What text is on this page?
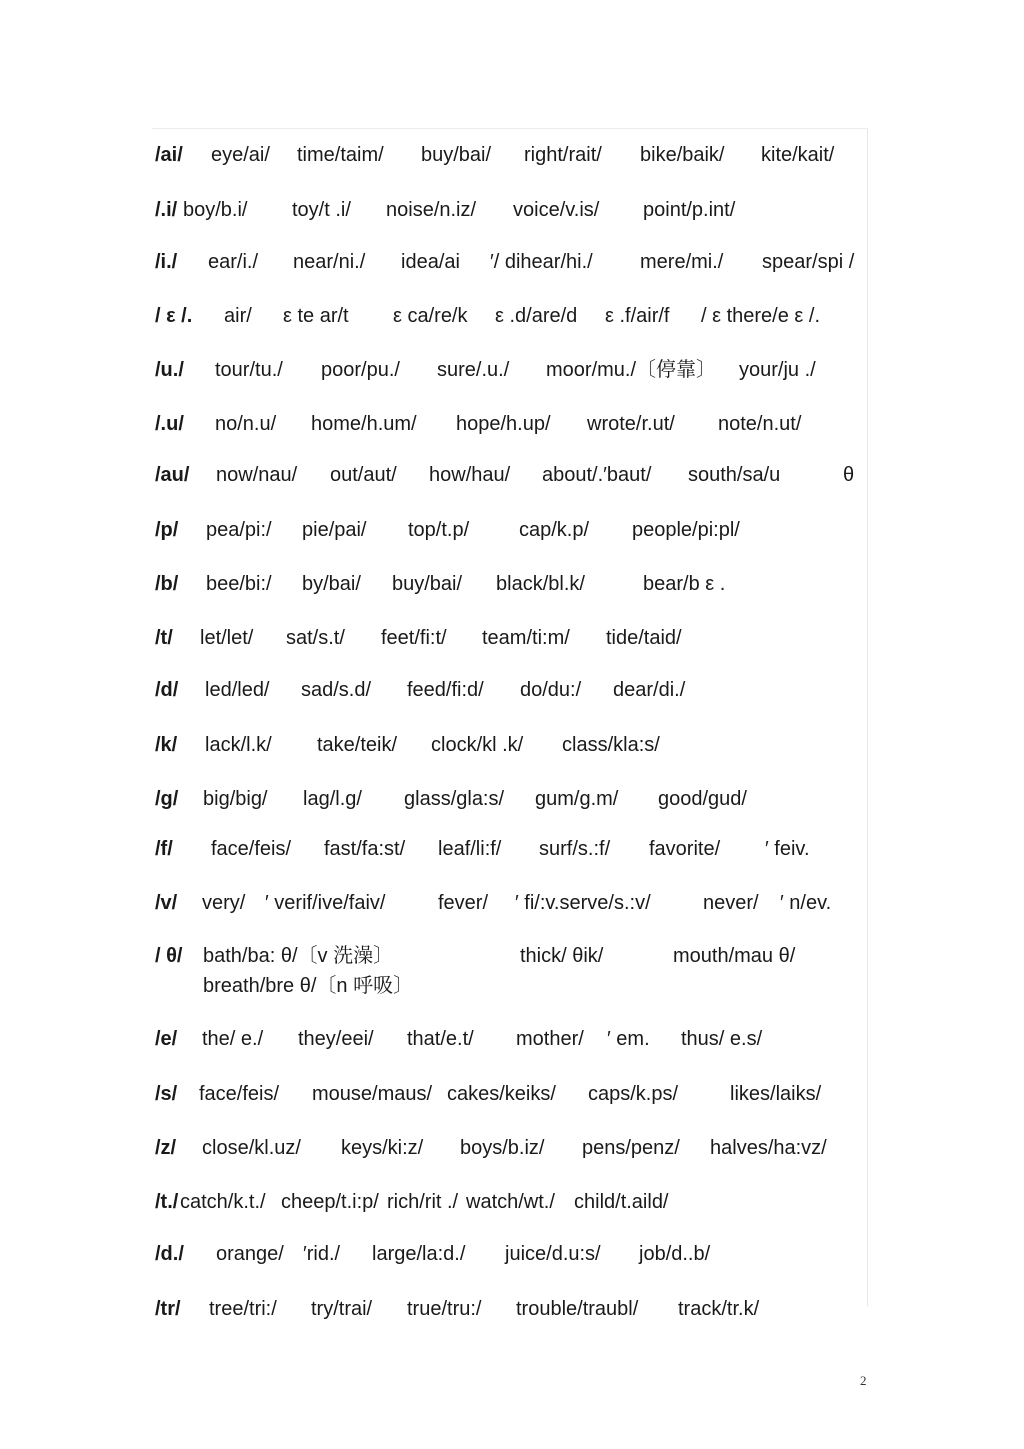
/ai/ eye/ai/ time/taim/ buy/bai/ right/rait/ bike/baik/ kite/kait/
/.i/ boy/b.i/ toy/t .i/ noise/n.iz/ voice/v.is/ point/p.int/
/i./ ear/i./ near/ni./ idea/ai ′/ dihear/hi./ mere/mi./ spear/spi /
/ ε /. air/ ε te ar/t ε ca/re/k ε .d/are/d ε .f/air/f / ε there/e ε /.
/u./ tour/tu./ poor/pu./ sure/.u./ moor/mu./〔停靠〕 your/ju ./
/.u/ no/n.u/ home/h.um/ hope/h.up/ wrote/r.ut/ note/n.ut/
/au/ now/nau/ out/aut/ how/hau/ about/.′baut/ south/sa/u	θ
/p/ pea/pi:/ pie/pai/ top/t.p/ cap/k.p/ people/pi:pl/
/b/ bee/bi:/ by/bai/ buy/bai/ black/bl.k/	bear/b ε .
/t/ let/let/ sat/s.t/ feet/fi:t/ team/ti:m/ tide/taid/
/d/ led/led/ sad/s.d/ feed/fi:d/ do/du:/ dear/di./
/k/ lack/l.k/ take/teik/ clock/kl .k/ class/kla:s/
/g/ big/big/ lag/l.g/ glass/gla:s/ gum/g.m/ good/gud/
/f/ face/feis/ fast/fa:st/ leaf/li:f/ surf/s.:f/ favorite/ ′ feiv.
/v/ very/ ′ verif/ive/faiv/	fever/ ′ fi/:v.serve/s.:v/	never/ ′ n/ev.
/ θ/ bath/ba: θ/〔v 洗澡〕	thick/ θik/	mouth/mau θ/
breath/bre θ/〔n 呼吸〕
/e/ the/ e./ they/eei/ that/e.t/ mother/ ′ em. thus/ e.s/
/s/ face/feis/ mouse/maus/ cakes/keiks/ caps/k.ps/	likes/laiks/
/z/ close/kl.uz/ keys/ki:z/ boys/b.iz/ pens/penz/ halves/ha:vz/
/t./ catch/k.t./ cheep/t.i:p/ rich/rit ./ watch/wt./ child/t.aild/
/d./ orange/ ′rid./ large/la:d./ juice/d.u:s/ job/d..b/
/tr/ tree/tri:/ try/trai/ true/tru:/ trouble/traubl/ track/tr.k/
2
